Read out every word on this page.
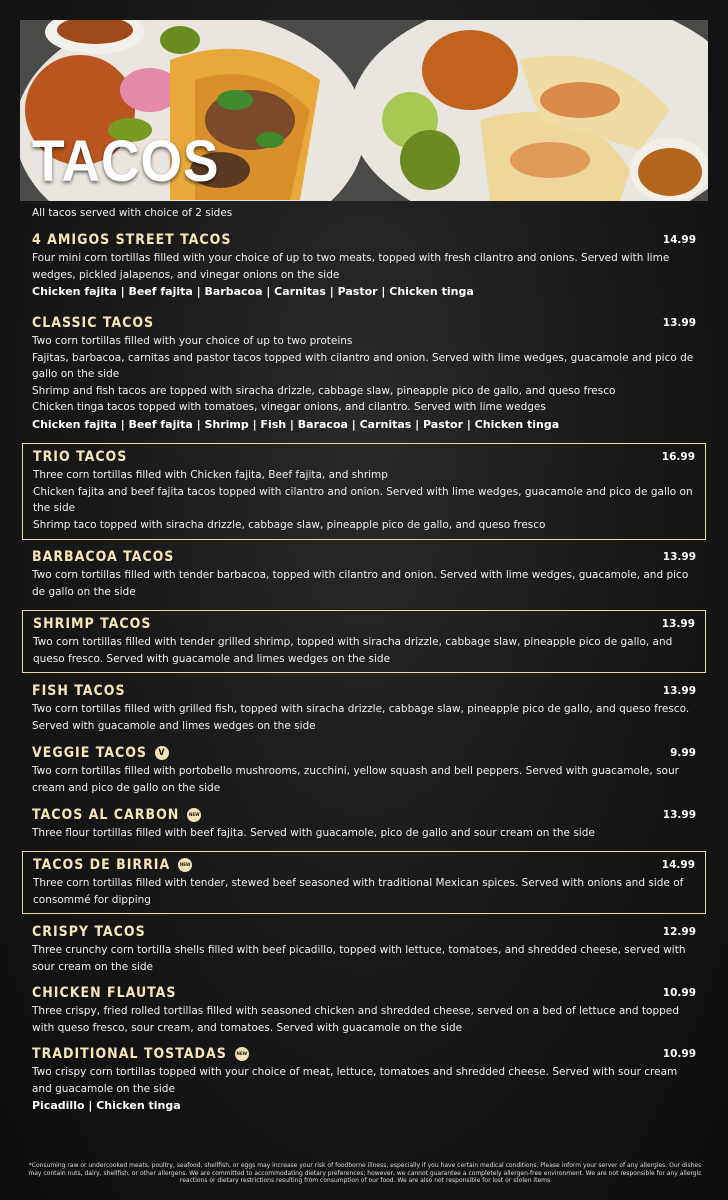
TACOS
All tacos served with choice of 2 sides
4 AMIGOS STREET TACOS	14.99
Four mini corn tortillas filled with your choice of up to two meats, topped with fresh cilantro and onions. Served with lime wedges, pickled jalapenos, and vinegar onions on the side
Chicken fajita | Beef fajita | Barbacoa | Carnitas | Pastor | Chicken tinga
CLASSIC TACOS	13.99
Two corn tortillas filled with your choice of up to two proteins
Fajitas, barbacoa, carnitas and pastor tacos topped with cilantro and onion. Served with lime wedges, guacamole and pico de gallo on the side
Shrimp and fish tacos are topped with siracha drizzle, cabbage slaw, pineapple pico de gallo, and queso fresco
Chicken tinga tacos topped with tomatoes, vinegar onions, and cilantro. Served with lime wedges
Chicken fajita | Beef fajita | Shrimp | Fish | Baracoa | Carnitas | Pastor | Chicken tinga
TRIO TACOS	16.99
Three corn tortillas filled with Chicken fajita, Beef fajita, and shrimp
Chicken fajita and beef fajita tacos topped with cilantro and onion. Served with lime wedges, guacamole and pico de gallo on the side
Shrimp taco topped with siracha drizzle, cabbage slaw, pineapple pico de gallo, and queso fresco
BARBACOA TACOS	13.99
Two corn tortillas filled with tender barbacoa, topped with cilantro and onion. Served with lime wedges, guacamole, and pico de gallo on the side
SHRIMP TACOS	13.99
Two corn tortillas filled with tender grilled shrimp, topped with siracha drizzle, cabbage slaw, pineapple pico de gallo, and queso fresco. Served with guacamole and limes wedges on the side
FISH TACOS	13.99
Two corn tortillas filled with grilled fish, topped with siracha drizzle, cabbage slaw, pineapple pico de gallo, and queso fresco. Served with guacamole and limes wedges on the side
VEGGIE TACOS	V	9.99
Two corn tortillas filled with portobello mushrooms, zucchini, yellow squash and bell peppers. Served with guacamole, sour cream and pico de gallo on the side
TACOS AL CARBON	NEW	13.99
Three flour tortillas filled with beef fajita. Served with guacamole, pico de gallo and sour cream on the side
TACOS DE BIRRIA	NEW	14.99
Three corn tortillas filled with tender, stewed beef seasoned with traditional Mexican spices. Served with onions and side of consommé for dipping
CRISPY TACOS	12.99
Three crunchy corn tortilla shells filled with beef picadillo, topped with lettuce, tomatoes, and shredded cheese, served with sour cream on the side
CHICKEN FLAUTAS	10.99
Three crispy, fried rolled tortillas filled with seasoned chicken and shredded cheese, served on a bed of lettuce and topped with queso fresco, sour cream, and tomatoes. Served with guacamole on the side
TRADITIONAL TOSTADAS	NEW	10.99
Two crispy corn tortillas topped with your choice of meat, lettuce, tomatoes and shredded cheese. Served with sour cream and guacamole on the side
Picadillo | Chicken tinga
*Consuming raw or undercooked meats, poultry, seafood, shellfish, or eggs may increase your risk of foodborne illness, especially if you have certain medical conditions. Please inform your server of any allergies. Our dishes may contain nuts, dairy, shellfish, or other allergens. We are committed to accommodating dietary preferences; however, we cannot guarantee a completely allergen-free environment. We are not responsible for any allergic reactions or dietary restrictions resulting from consumption of our food. We are also not responsible for lost or stolen items
